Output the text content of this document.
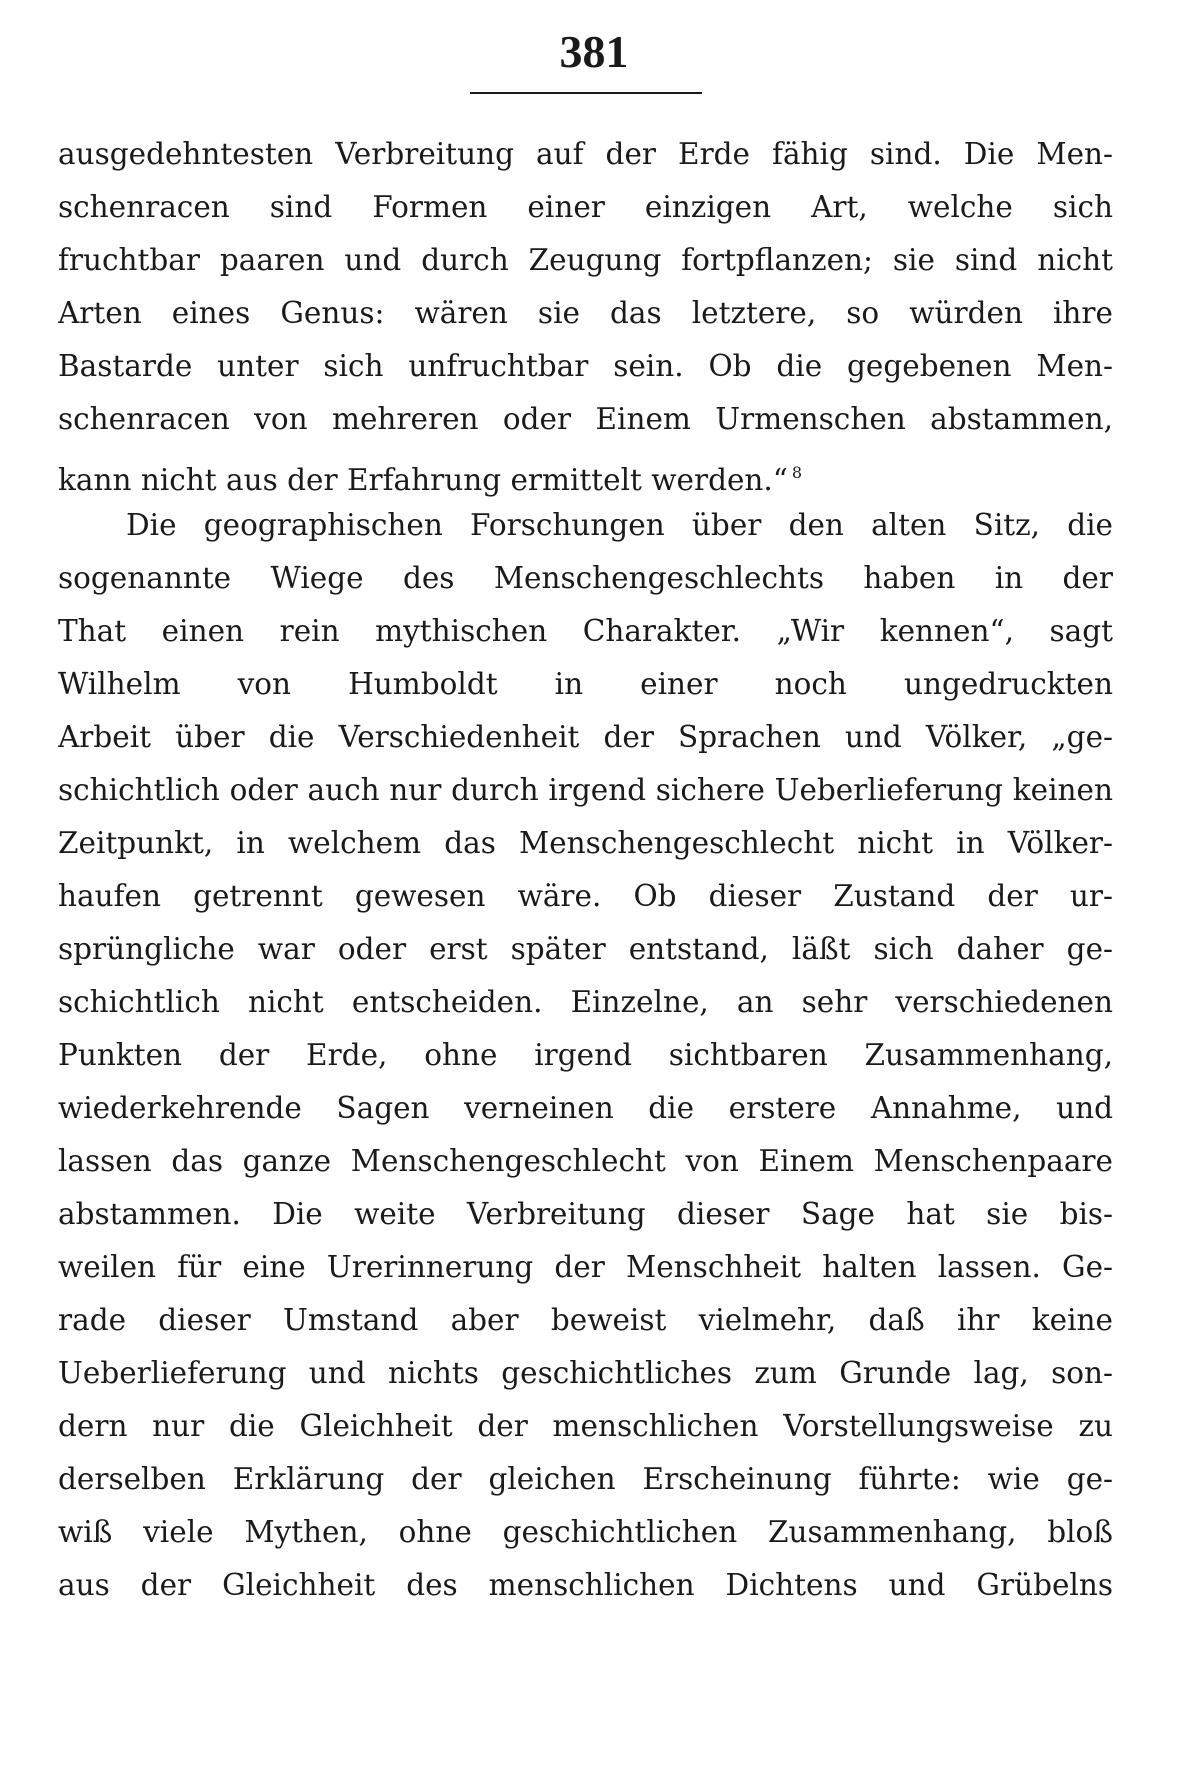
381
ausgedehntesten Verbreitung auf der Erde fähig sind. Die Men-
schenracen sind Formen einer einzigen Art, welche sich
fruchtbar paaren und durch Zeugung fortpflanzen; sie sind nicht
Arten eines Genus: wären sie das letztere, so würden ihre
Bastarde unter sich unfruchtbar sein. Ob die gegebenen Men-
schenracen von mehreren oder Einem Urmenschen abstammen,
kann nicht aus der Erfahrung ermittelt werden.“ $^8$
Die geographischen Forschungen über den alten Sitz, die
sogenannte Wiege des Menschengeschlechts haben in der
That einen rein mythischen Charakter. „Wir kennen“, sagt
Wilhelm von Humboldt in einer noch ungedruckten
Arbeit über die Verschiedenheit der Sprachen und Völker, „ge-
schichtlich oder auch nur durch irgend sichere Ueberlieferung keinen
Zeitpunkt, in welchem das Menschengeschlecht nicht in Völker-
haufen getrennt gewesen wäre. Ob dieser Zustand der ur-
sprüngliche war oder erst später entstand, läßt sich daher ge-
schichtlich nicht entscheiden. Einzelne, an sehr verschiedenen
Punkten der Erde, ohne irgend sichtbaren Zusammenhang,
wiederkehrende Sagen verneinen die erstere Annahme, und
lassen das ganze Menschengeschlecht von Einem Menschenpaare
abstammen. Die weite Verbreitung dieser Sage hat sie bis-
weilen für eine Urerinnerung der Menschheit halten lassen. Ge-
rade dieser Umstand aber beweist vielmehr, daß ihr keine
Ueberlieferung und nichts geschichtliches zum Grunde lag, son-
dern nur die Gleichheit der menschlichen Vorstellungsweise zu
derselben Erklärung der gleichen Erscheinung führte: wie ge-
wiß viele Mythen, ohne geschichtlichen Zusammenhang, bloß
aus der Gleichheit des menschlichen Dichtens und Grübelns
